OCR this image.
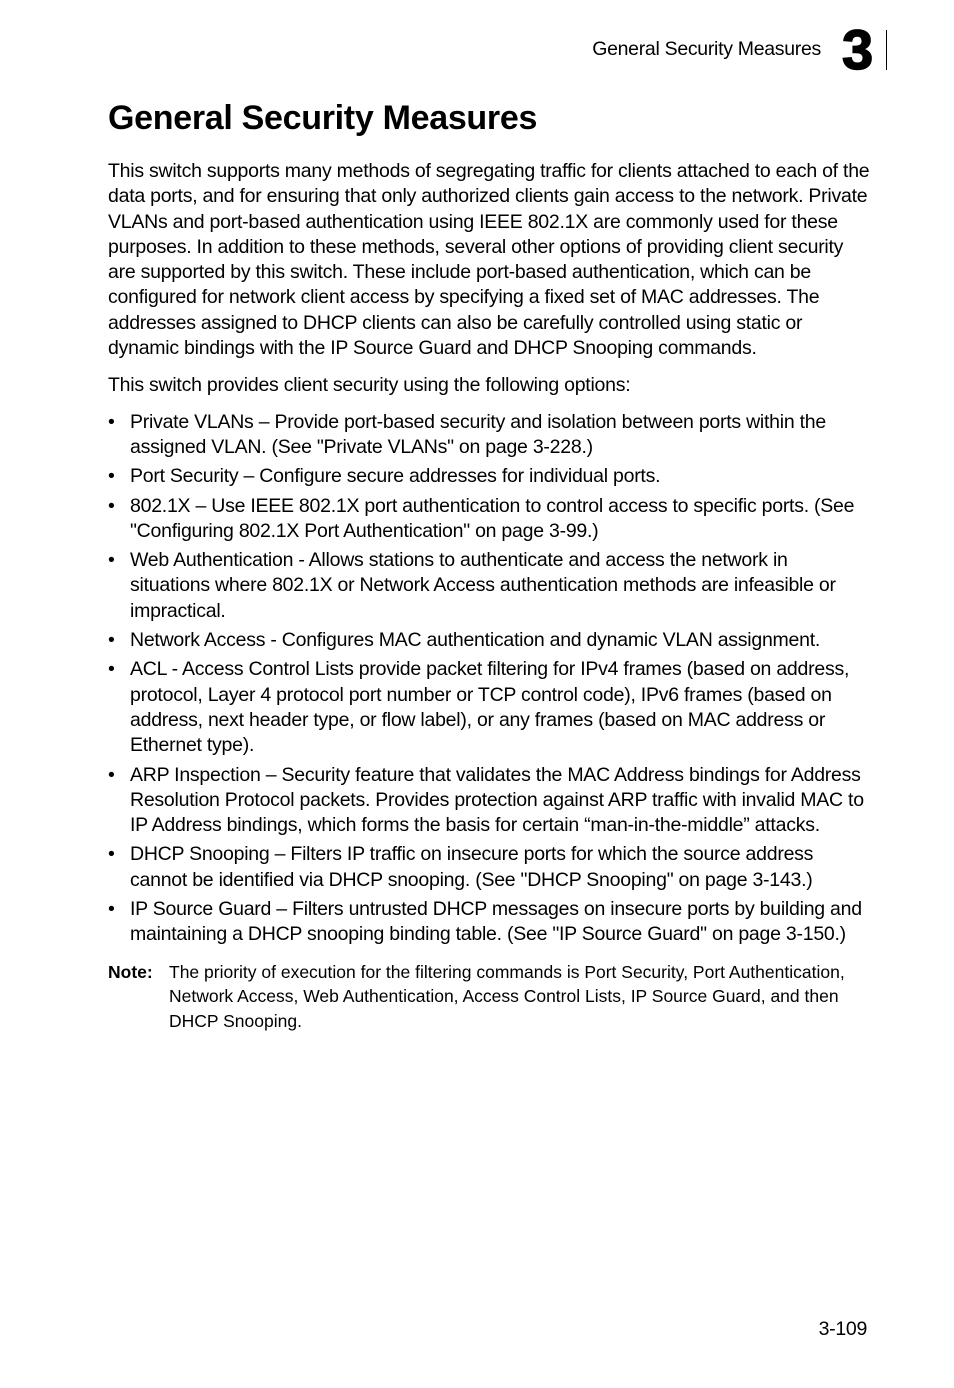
General Security Measures 3
General Security Measures

This switch supports many methods of segregating traffic for clients attached to each of the data ports, and for ensuring that only authorized clients gain access to the network. Private VLANs and port-based authentication using IEEE 802.1X are commonly used for these purposes. In addition to these methods, several other options of providing client security are supported by this switch. These include port-based authentication, which can be configured for network client access by specifying a fixed set of MAC addresses. The addresses assigned to DHCP clients can also be carefully controlled using static or dynamic bindings with the IP Source Guard and DHCP Snooping commands.

This switch provides client security using the following options:

• Private VLANs – Provide port-based security and isolation between ports within the assigned VLAN. (See "Private VLANs" on page 3-228.)
• Port Security – Configure secure addresses for individual ports.
• 802.1X – Use IEEE 802.1X port authentication to control access to specific ports. (See "Configuring 802.1X Port Authentication" on page 3-99.)
• Web Authentication - Allows stations to authenticate and access the network in situations where 802.1X or Network Access authentication methods are infeasible or impractical.
• Network Access - Configures MAC authentication and dynamic VLAN assignment.
• ACL - Access Control Lists provide packet filtering for IPv4 frames (based on address, protocol, Layer 4 protocol port number or TCP control code), IPv6 frames (based on address, next header type, or flow label), or any frames (based on MAC address or Ethernet type).
• ARP Inspection – Security feature that validates the MAC Address bindings for Address Resolution Protocol packets. Provides protection against ARP traffic with invalid MAC to IP Address bindings, which forms the basis for certain “man-in-the-middle” attacks.
• DHCP Snooping – Filters IP traffic on insecure ports for which the source address cannot be identified via DHCP snooping. (See "DHCP Snooping" on page 3-143.)
• IP Source Guard – Filters untrusted DHCP messages on insecure ports by building and maintaining a DHCP snooping binding table. (See "IP Source Guard" on page 3-150.)
Note: The priority of execution for the filtering commands is Port Security, Port Authentication, Network Access, Web Authentication, Access Control Lists, IP Source Guard, and then DHCP Snooping.
3-109
